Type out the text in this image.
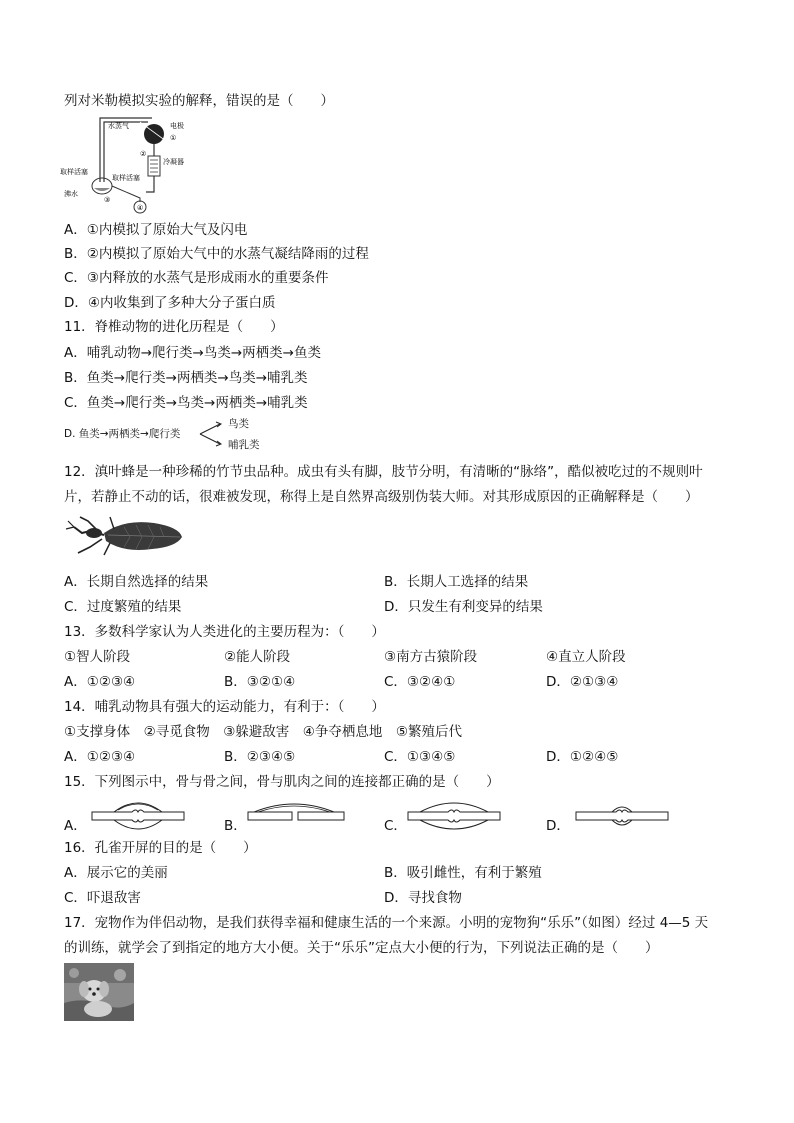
列对米勒模拟实验的解释，错误的是（　　）
水蒸气	电极
①
②
冷凝器
取样活塞
取样活塞
沸水
③
④
A．①内模拟了原始大气及闪电
B．②内模拟了原始大气中的水蒸气凝结降雨的过程
C．③内释放的水蒸气是形成雨水的重要条件
D．④内收集到了多种大分子蛋白质
11．脊椎动物的进化历程是（　　）
A．哺乳动物→爬行类→鸟类→两栖类→鱼类
B．鱼类→爬行类→两栖类→鸟类→哺乳类
C．鱼类→爬行类→鸟类→两栖类→哺乳类
D. 鱼类→两栖类→爬行类
鸟类
哺乳类
12．滇叶蜂是一种珍稀的竹节虫品种。成虫有头有脚，肢节分明，有清晰的“脉络”，酷似被吃过的不规则叶
片，若静止不动的话，很难被发现，称得上是自然界高级别伪装大师。对其形成原因的正确解释是（　　）
A．长期自然选择的结果	B．长期人工选择的结果
C．过度繁殖的结果	D．只发生有利变异的结果
13．多数科学家认为人类进化的主要历程为：（　　）
①智人阶段	②能人阶段	③南方古猿阶段	④直立人阶段
A．①②③④	B．③②①④	C．③②④①	D．②①③④
14．哺乳动物具有强大的运动能力，有利于：（　　）
①支撑身体　②寻觅食物　③躲避敌害　④争夺栖息地　⑤繁殖后代
A．①②③④	B．②③④⑤	C．①③④⑤	D．①②④⑤
15．下列图示中，骨与骨之间，骨与肌肉之间的连接都正确的是（　　）
A．	B．	C．	D．
16．孔雀开屏的目的是（　　）
A．展示它的美丽	B．吸引雌性，有利于繁殖
C．吓退敌害	D．寻找食物
17．宠物作为伴侣动物，是我们获得幸福和健康生活的一个来源。小明的宠物狗“乐乐”（如图）经过 4—5 天
的训练，就学会了到指定的地方大小便。关于“乐乐”定点大小便的行为，下列说法正确的是（　　）
